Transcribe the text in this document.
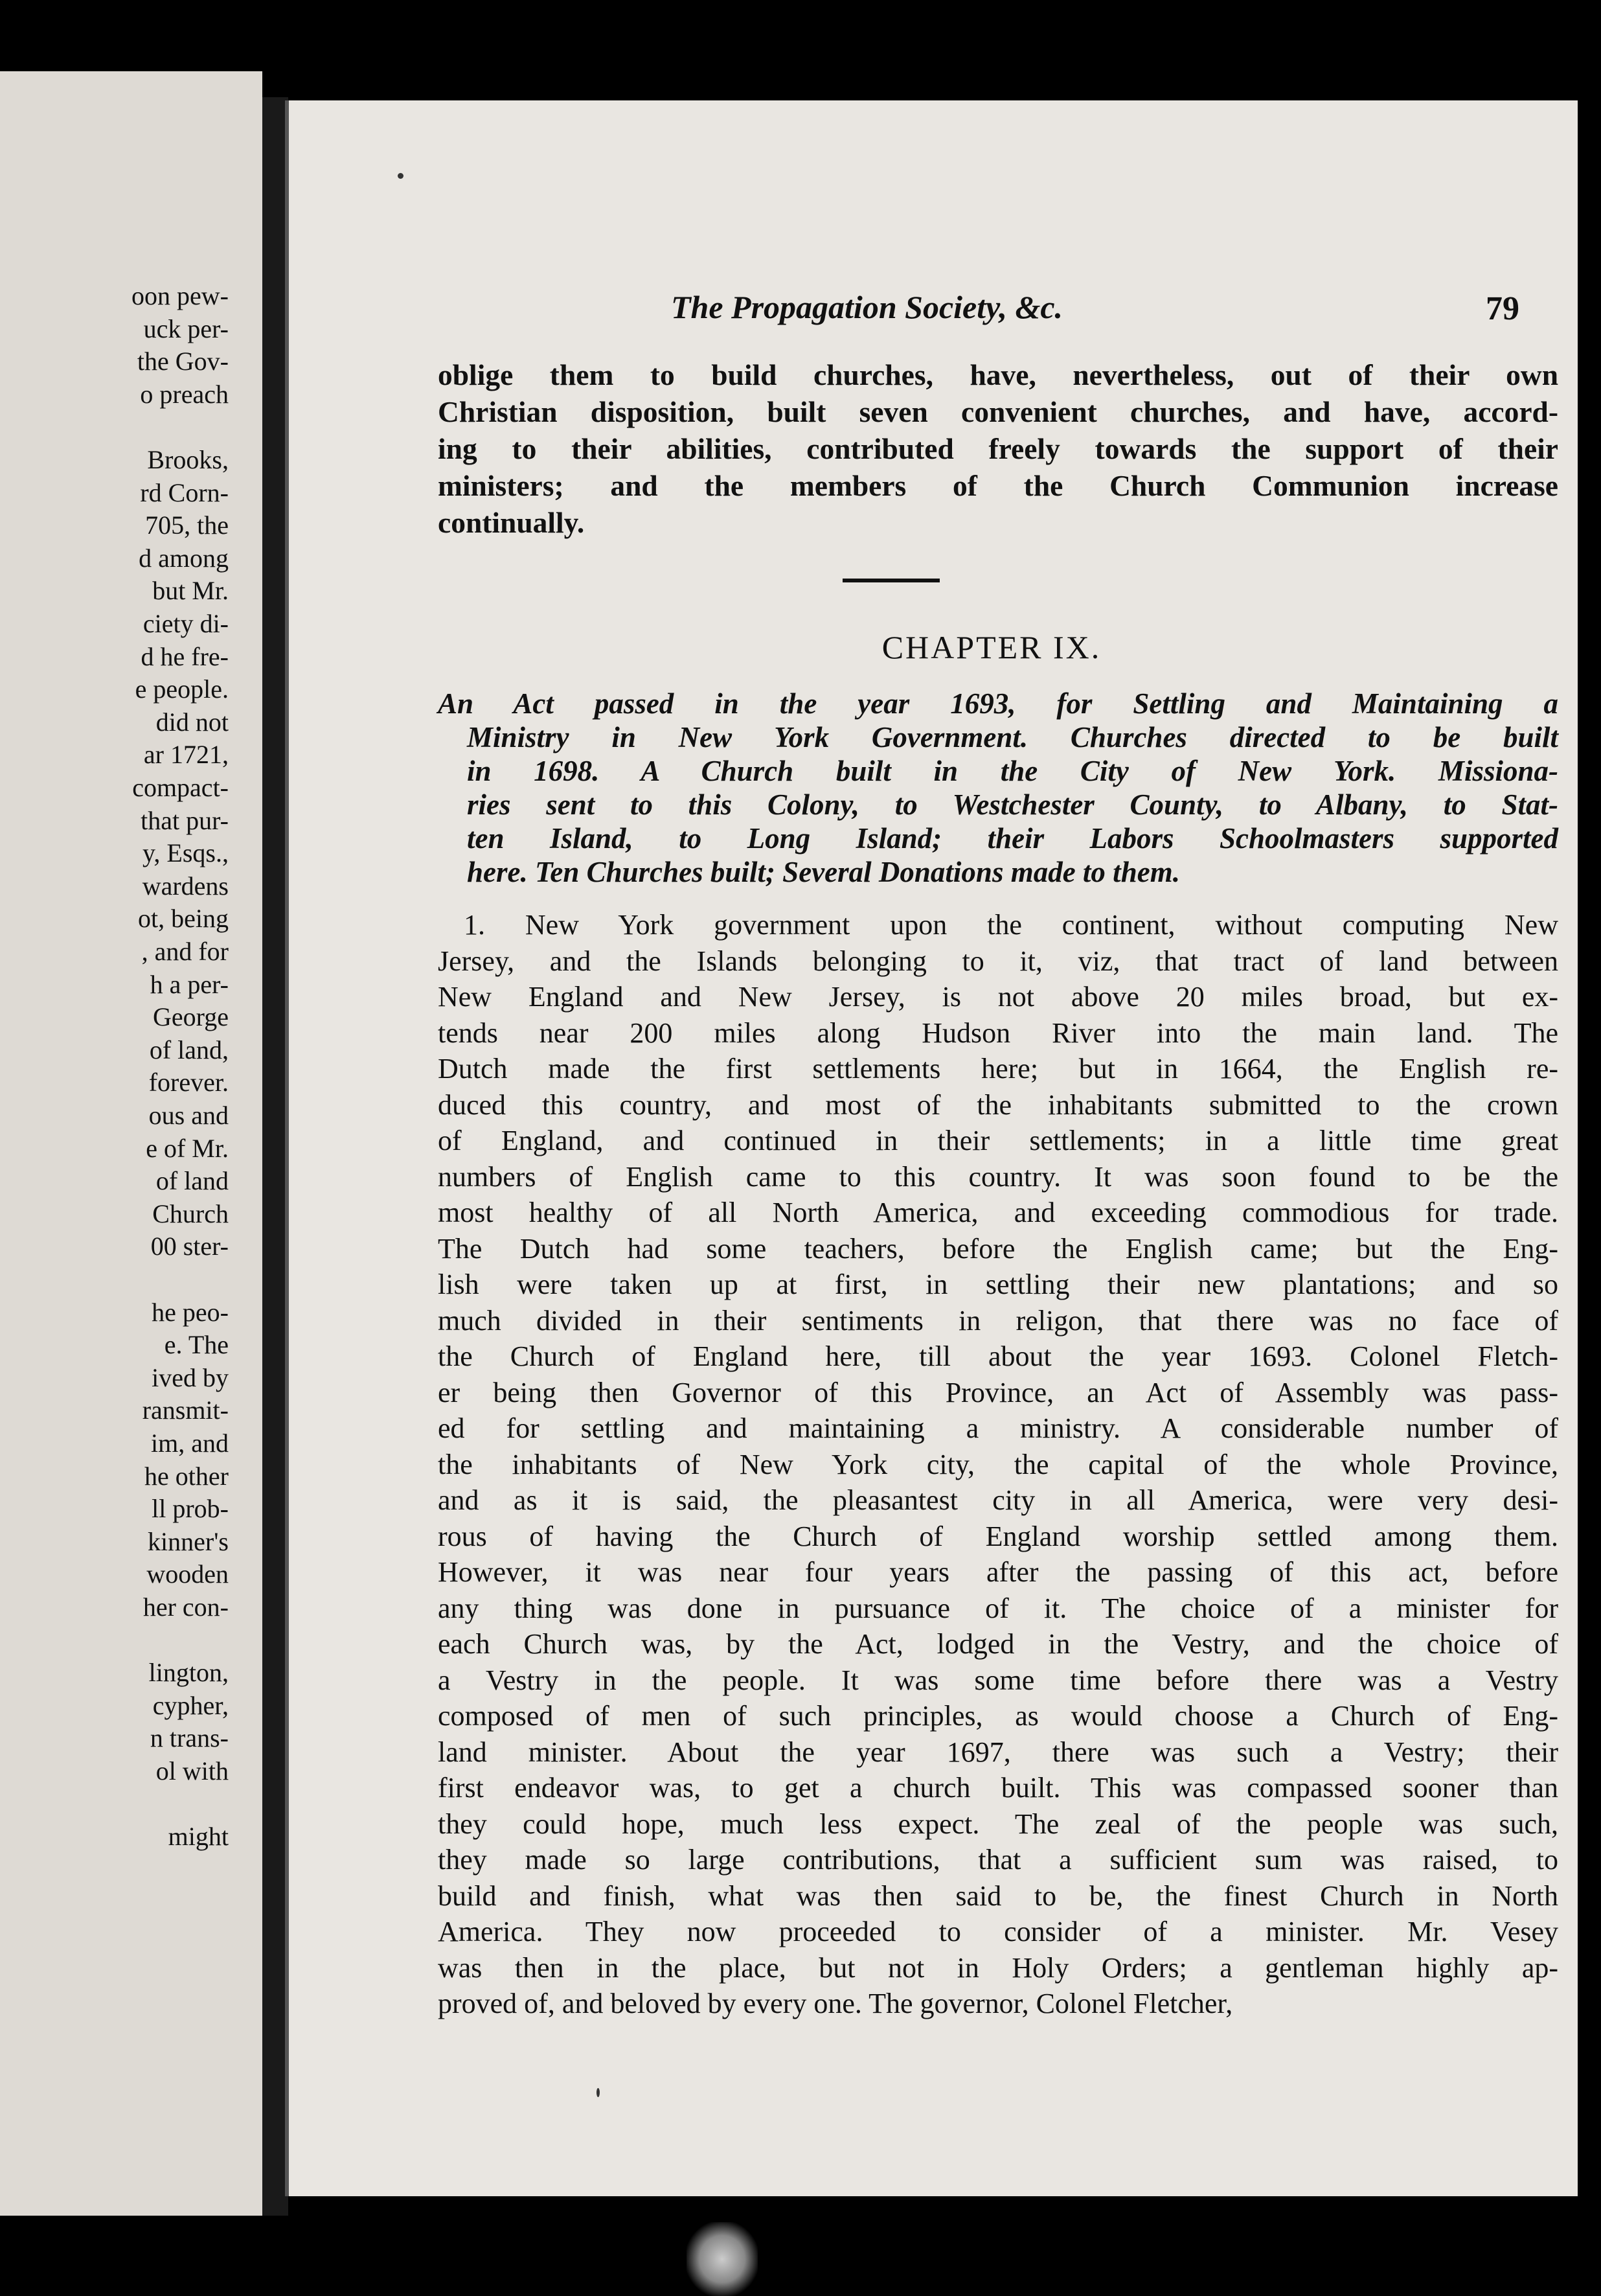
oon pew-
uck per-
the Gov-
o preach
Brooks,
rd Corn-
705, the
d among
but Mr.
ciety di-
d he fre-
e people.
did not
ar 1721,
compact-
that pur-
y, Esqs.,
wardens
ot, being
, and for
h a per-
George
of land,
forever.
ous and
e of Mr.
of land
Church
00 ster-
he peo-
e. The
ived by
ransmit-
im, and
he other
ll prob-
kinner's
wooden
her con-
lington,
cypher,
n trans-
ol with
might
The Propagation Society, &c.	79
oblige them to build churches, have, nevertheless, out of their own
Christian disposition, built seven convenient churches, and have, accord-
ing to their abilities, contributed freely towards the support of their
ministers; and the members of the Church Communion increase
continually.
CHAPTER IX.
An Act passed in the year 1693, for Settling and Maintaining a
Ministry in New York Government. Churches directed to be built
in 1698. A Church built in the City of New York. Missiona-
ries sent to this Colony, to Westchester County, to Albany, to Stat-
ten Island, to Long Island; their Labors Schoolmasters supported
here. Ten Churches built; Several Donations made to them.
1. New York government upon the continent, without computing New
Jersey, and the Islands belonging to it, viz, that tract of land between
New England and New Jersey, is not above 20 miles broad, but ex-
tends near 200 miles along Hudson River into the main land. The
Dutch made the first settlements here; but in 1664, the English re-
duced this country, and most of the inhabitants submitted to the crown
of England, and continued in their settlements; in a little time great
numbers of English came to this country. It was soon found to be the
most healthy of all North America, and exceeding commodious for trade.
The Dutch had some teachers, before the English came; but the Eng-
lish were taken up at first, in settling their new plantations; and so
much divided in their sentiments in religon, that there was no face of
the Church of England here, till about the year 1693. Colonel Fletch-
er being then Governor of this Province, an Act of Assembly was pass-
ed for settling and maintaining a ministry. A considerable number of
the inhabitants of New York city, the capital of the whole Province,
and as it is said, the pleasantest city in all America, were very desi-
rous of having the Church of England worship settled among them.
However, it was near four years after the passing of this act, before
any thing was done in pursuance of it. The choice of a minister for
each Church was, by the Act, lodged in the Vestry, and the choice of
a Vestry in the people. It was some time before there was a Vestry
composed of men of such principles, as would choose a Church of Eng-
land minister. About the year 1697, there was such a Vestry; their
first endeavor was, to get a church built. This was compassed sooner than
they could hope, much less expect. The zeal of the people was such,
they made so large contributions, that a sufficient sum was raised, to
build and finish, what was then said to be, the finest Church in North
America. They now proceeded to consider of a minister. Mr. Vesey
was then in the place, but not in Holy Orders; a gentleman highly ap-
proved of, and beloved by every one. The governor, Colonel Fletcher,
